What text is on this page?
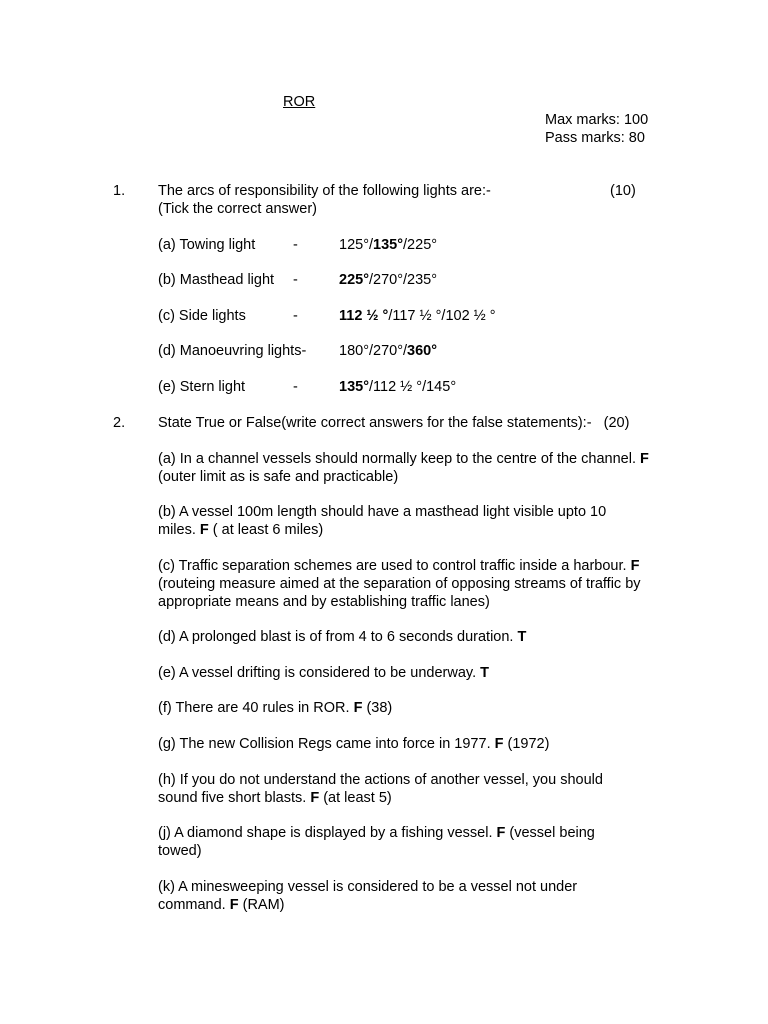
ROR
Max marks: 100
Pass marks: 80
1. The arcs of responsibility of the following lights are:-	(10)
(Tick the correct answer)
(a) Towing light	-	125°/135°/225°
(b) Masthead light -	225°/270°/235°
(c) Side lights	-	112 ½ °/117 ½ °/102 ½ °
(d) Manoeuvring lights- 180°/270°/360°
(e) Stern light	-	135°/112 ½ °/145°
2. State True or False(write correct answers for the false statements):- (20)
(a) In a channel vessels should normally keep to the centre of the channel. F (outer limit as is safe and practicable)
(b) A vessel 100m length should have a masthead light visible upto 10 miles. F ( at least 6 miles)
(c) Traffic separation schemes are used to control traffic inside a harbour. F (routeing measure aimed at the separation of opposing streams of traffic by appropriate means and by establishing traffic lanes)
(d) A prolonged blast is of from 4 to 6 seconds duration. T
(e) A vessel drifting is considered to be underway. T
(f) There are 40 rules in ROR. F (38)
(g) The new Collision Regs came into force in 1977. F (1972)
(h) If you do not understand the actions of another vessel, you should sound five short blasts. F (at least 5)
(j) A diamond shape is displayed by a fishing vessel. F (vessel being towed)
(k) A minesweeping vessel is considered to be a vessel not under command. F (RAM)
